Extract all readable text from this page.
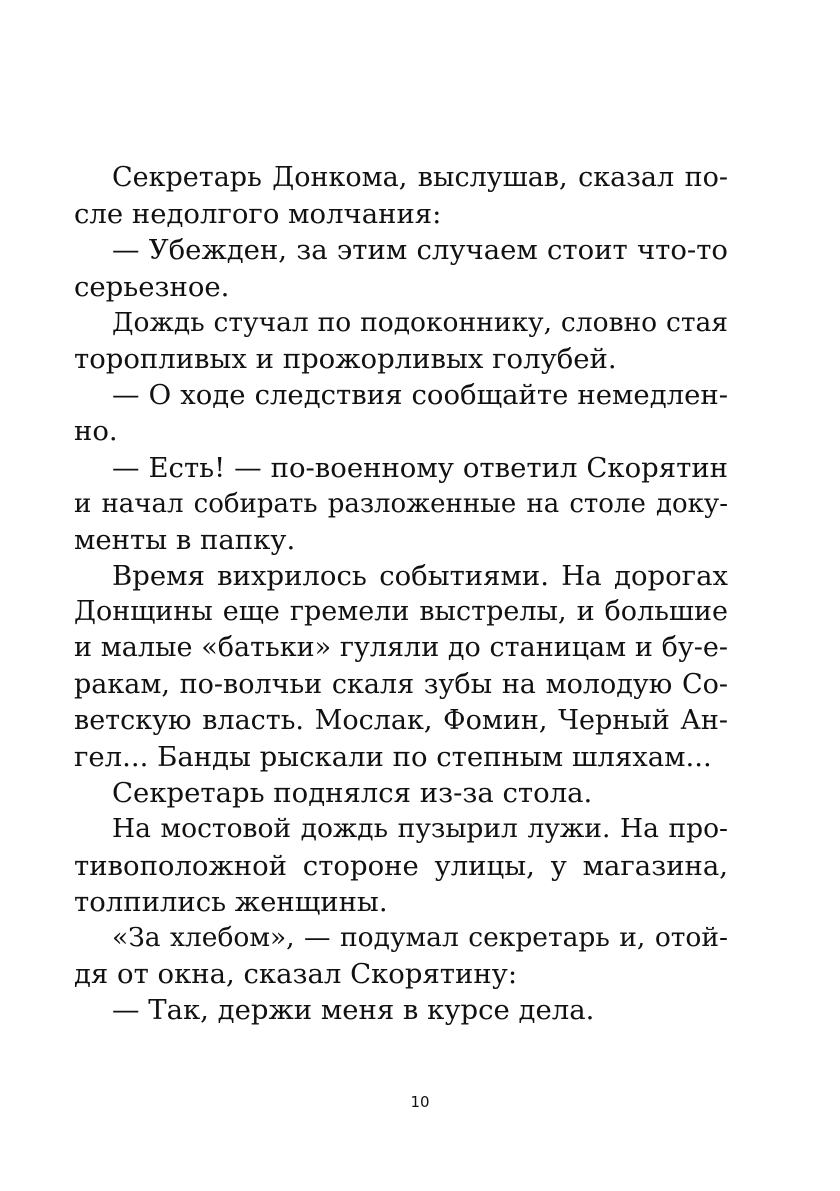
Секретарь Донкома, выслушав, сказал по-
сле недолгого молчания:
— Убежден, за этим случаем стоит что-то
серьезное.
Дождь стучал по подоконнику, словно стая
торопливых и прожорливых голубей.
— О ходе следствия сообщайте немедлен-
но.
— Есть! — по-военному ответил Скорятин
и начал собирать разложенные на столе доку-
менты в папку.
Время вихрилось событиями. На дорогах
Донщины еще гремели выстрелы, и большие
и малые «батьки» гуляли до станицам и бу-е-
ракам, по-волчьи скаля зубы на молодую Со-
ветскую власть. Мослак, Фомин, Черный Ан-
гел... Банды рыскали по степным шляхам...
Секретарь поднялся из-за стола.
На мостовой дождь пузырил лужи. На про-
тивоположной стороне улицы, у магазина,
толпились женщины.
«За хлебом», — подумал секретарь и, отой-
дя от окна, сказал Скорятину:
— Так, держи меня в курсе дела.
10
